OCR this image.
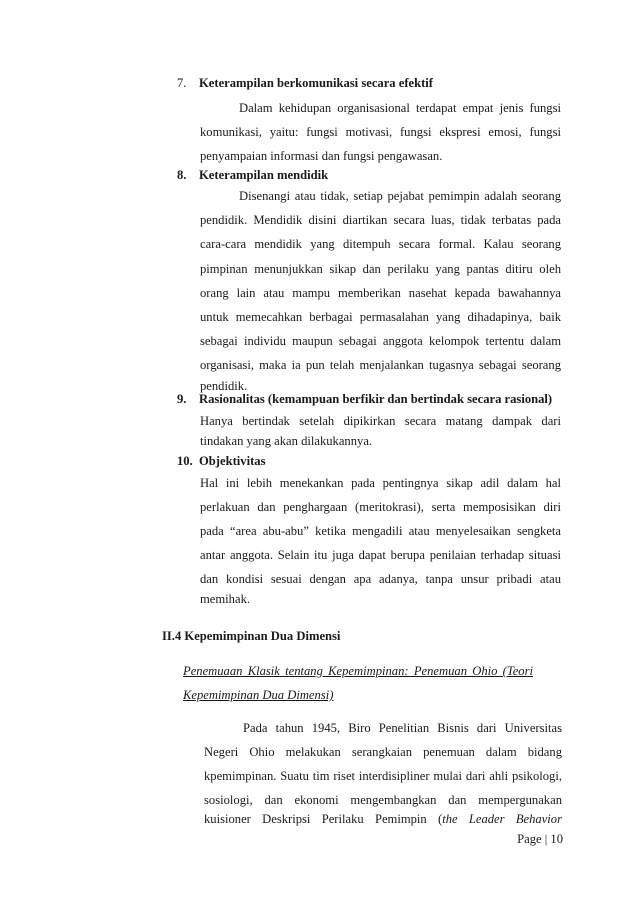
7. Keterampilan berkomunikasi secara efektif
Dalam kehidupan organisasional terdapat empat jenis fungsi
komunikasi, yaitu: fungsi motivasi, fungsi ekspresi emosi, fungsi
penyampaian informasi dan fungsi pengawasan.
8. Keterampilan mendidik
Disenangi atau tidak, setiap pejabat pemimpin adalah seorang
pendidik. Mendidik disini diartikan secara luas, tidak terbatas pada
cara-cara mendidik yang ditempuh secara formal. Kalau seorang
pimpinan menunjukkan sikap dan perilaku yang pantas ditiru oleh
orang lain atau mampu memberikan nasehat kepada bawahannya
untuk memecahkan berbagai permasalahan yang dihadapinya, baik
sebagai individu maupun sebagai anggota kelompok tertentu dalam
organisasi, maka ia pun telah menjalankan tugasnya sebagai seorang
pendidik.
9. Rasionalitas (kemampuan berfikir dan bertindak secara rasional)
Hanya bertindak setelah dipikirkan secara matang dampak dari
tindakan yang akan dilakukannya.
10. Objektivitas
Hal ini lebih menekankan pada pentingnya sikap adil dalam hal
perlakuan dan penghargaan (meritokrasi), serta memposisikan diri
pada “area abu-abu” ketika mengadili atau menyelesaikan sengketa
antar anggota. Selain itu juga dapat berupa penilaian terhadap situasi
dan kondisi sesuai dengan apa adanya, tanpa unsur pribadi atau
memihak.
II.4 Kepemimpinan Dua Dimensi
Penemuaan Klasik tentang Kepemimpinan: Penemuan Ohio (Teori
Kepemimpinan Dua Dimensi)
Pada tahun 1945, Biro Penelitian Bisnis dari Universitas
Negeri Ohio melakukan serangkaian penemuan dalam bidang
kpemimpinan. Suatu tim riset interdisipliner mulai dari ahli psikologi,
sosiologi, dan ekonomi mengembangkan dan mempergunakan
kuisioner Deskripsi Perilaku Pemimpin (the Leader Behavior
Page | 10
